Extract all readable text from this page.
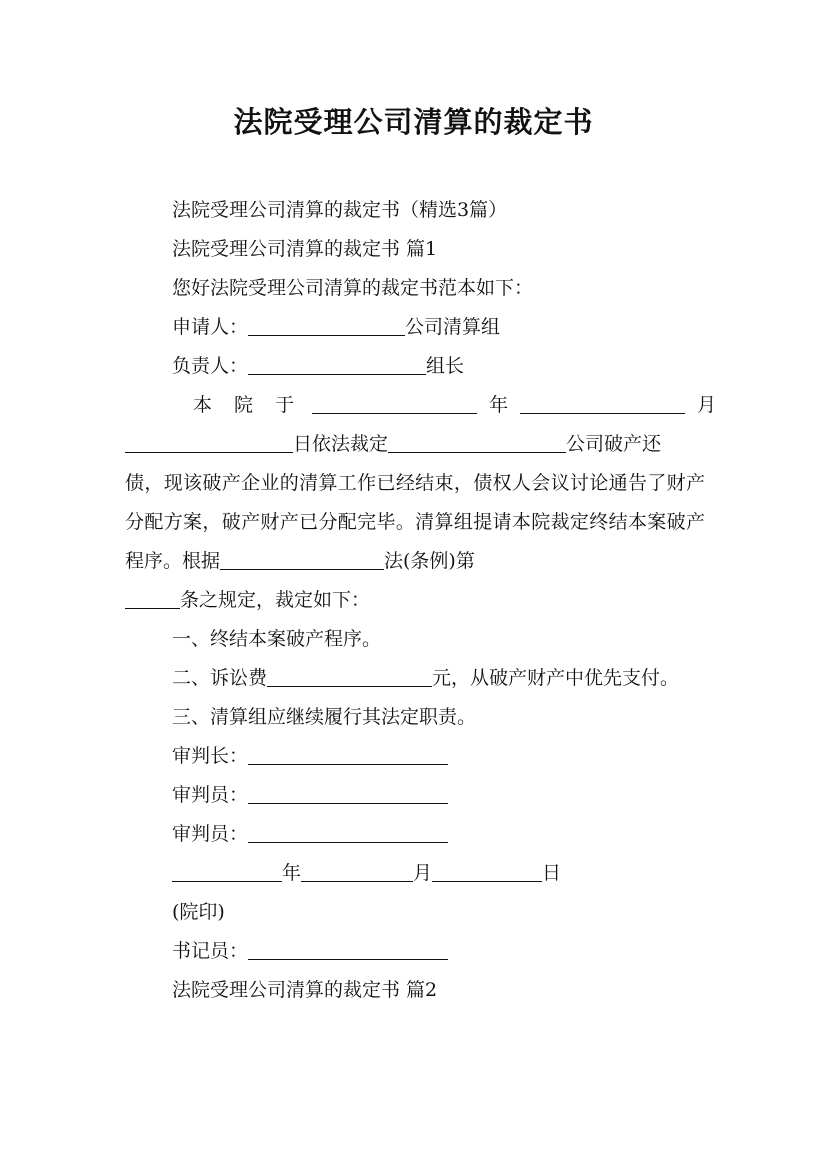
法院受理公司清算的裁定书
法院受理公司清算的裁定书（精选3篇）
法院受理公司清算的裁定书 篇1
您好法院受理公司清算的裁定书范本如下：
申请人：	公司清算组
负责人：	组长
本 院 于	年	月
日依法裁定	公司破产还
债，现该破产企业的清算工作已经结束，债权人会议讨论通告了财产分配方案，破产财产已分配完毕。清算组提请本院裁定终结本案破产程序。根据	法(条例)第
条之规定，裁定如下：
一、终结本案破产程序。
二、诉讼费	元，从破产财产中优先支付。
三、清算组应继续履行其法定职责。
审判长：
审判员：
审判员：
年	月	日
(院印)
书记员：
法院受理公司清算的裁定书 篇2
